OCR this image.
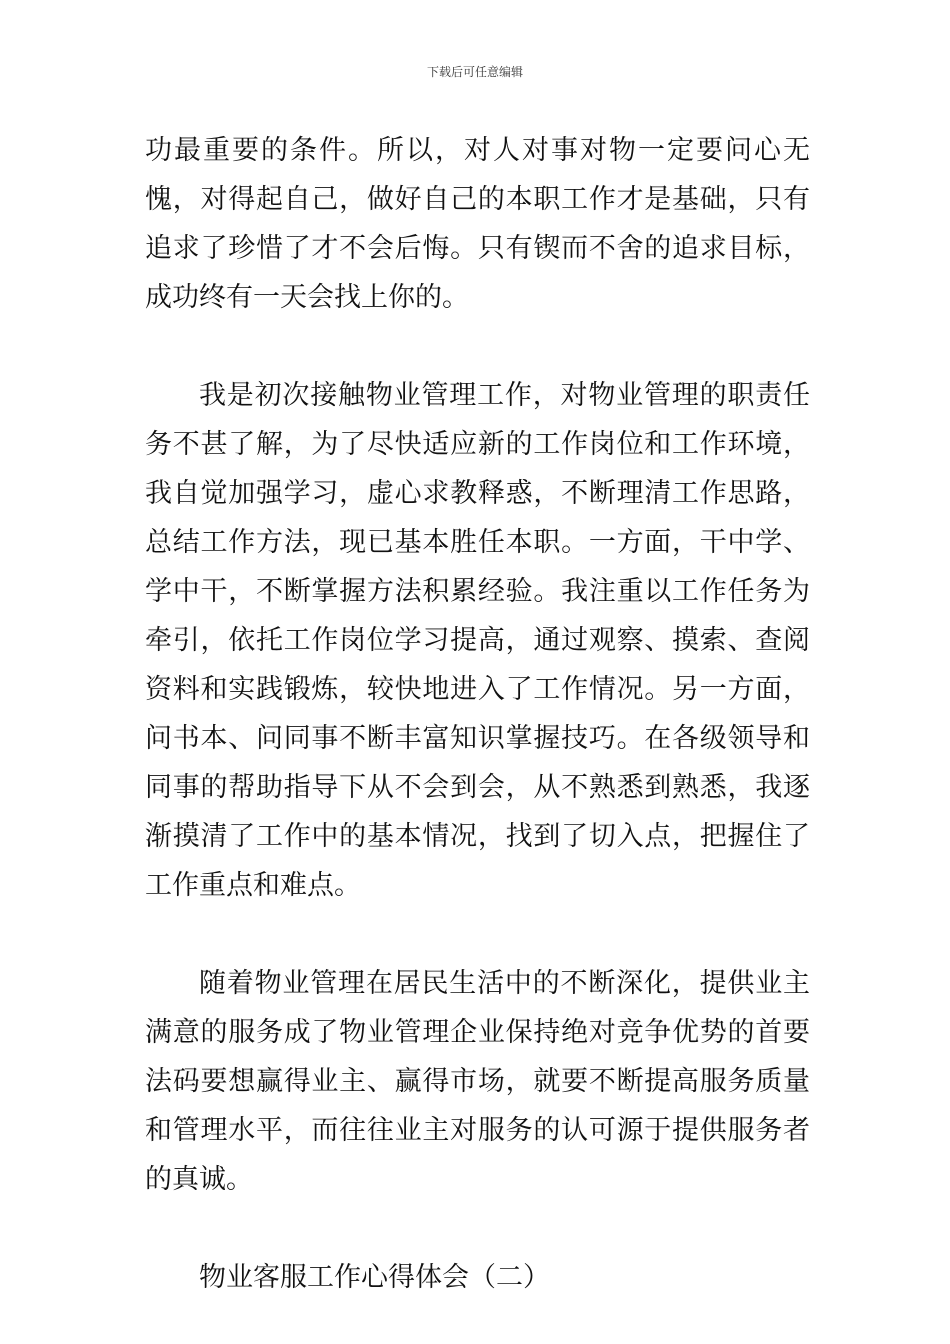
下载后可任意编辑

功最重要的条件。所以，对人对事对物一定要问心无愧，对得起自己，做好自己的本职工作才是基础，只有追求了珍惜了才不会后悔。只有锲而不舍的追求目标，成功终有一天会找上你的。

我是初次接触物业管理工作，对物业管理的职责任务不甚了解，为了尽快适应新的工作岗位和工作环境，我自觉加强学习，虚心求教释惑，不断理清工作思路，总结工作方法，现已基本胜任本职。一方面，干中学、学中干，不断掌握方法积累经验。我注重以工作任务为牵引，依托工作岗位学习提高，通过观察、摸索、查阅资料和实践锻炼，较快地进入了工作情况。另一方面，问书本、问同事不断丰富知识掌握技巧。在各级领导和同事的帮助指导下从不会到会，从不熟悉到熟悉，我逐渐摸清了工作中的基本情况，找到了切入点，把握住了工作重点和难点。

随着物业管理在居民生活中的不断深化，提供业主满意的服务成了物业管理企业保持绝对竞争优势的首要法码要想赢得业主、赢得市场，就要不断提高服务质量和管理水平，而往往业主对服务的认可源于提供服务者的真诚。

物业客服工作心得体会（二）
